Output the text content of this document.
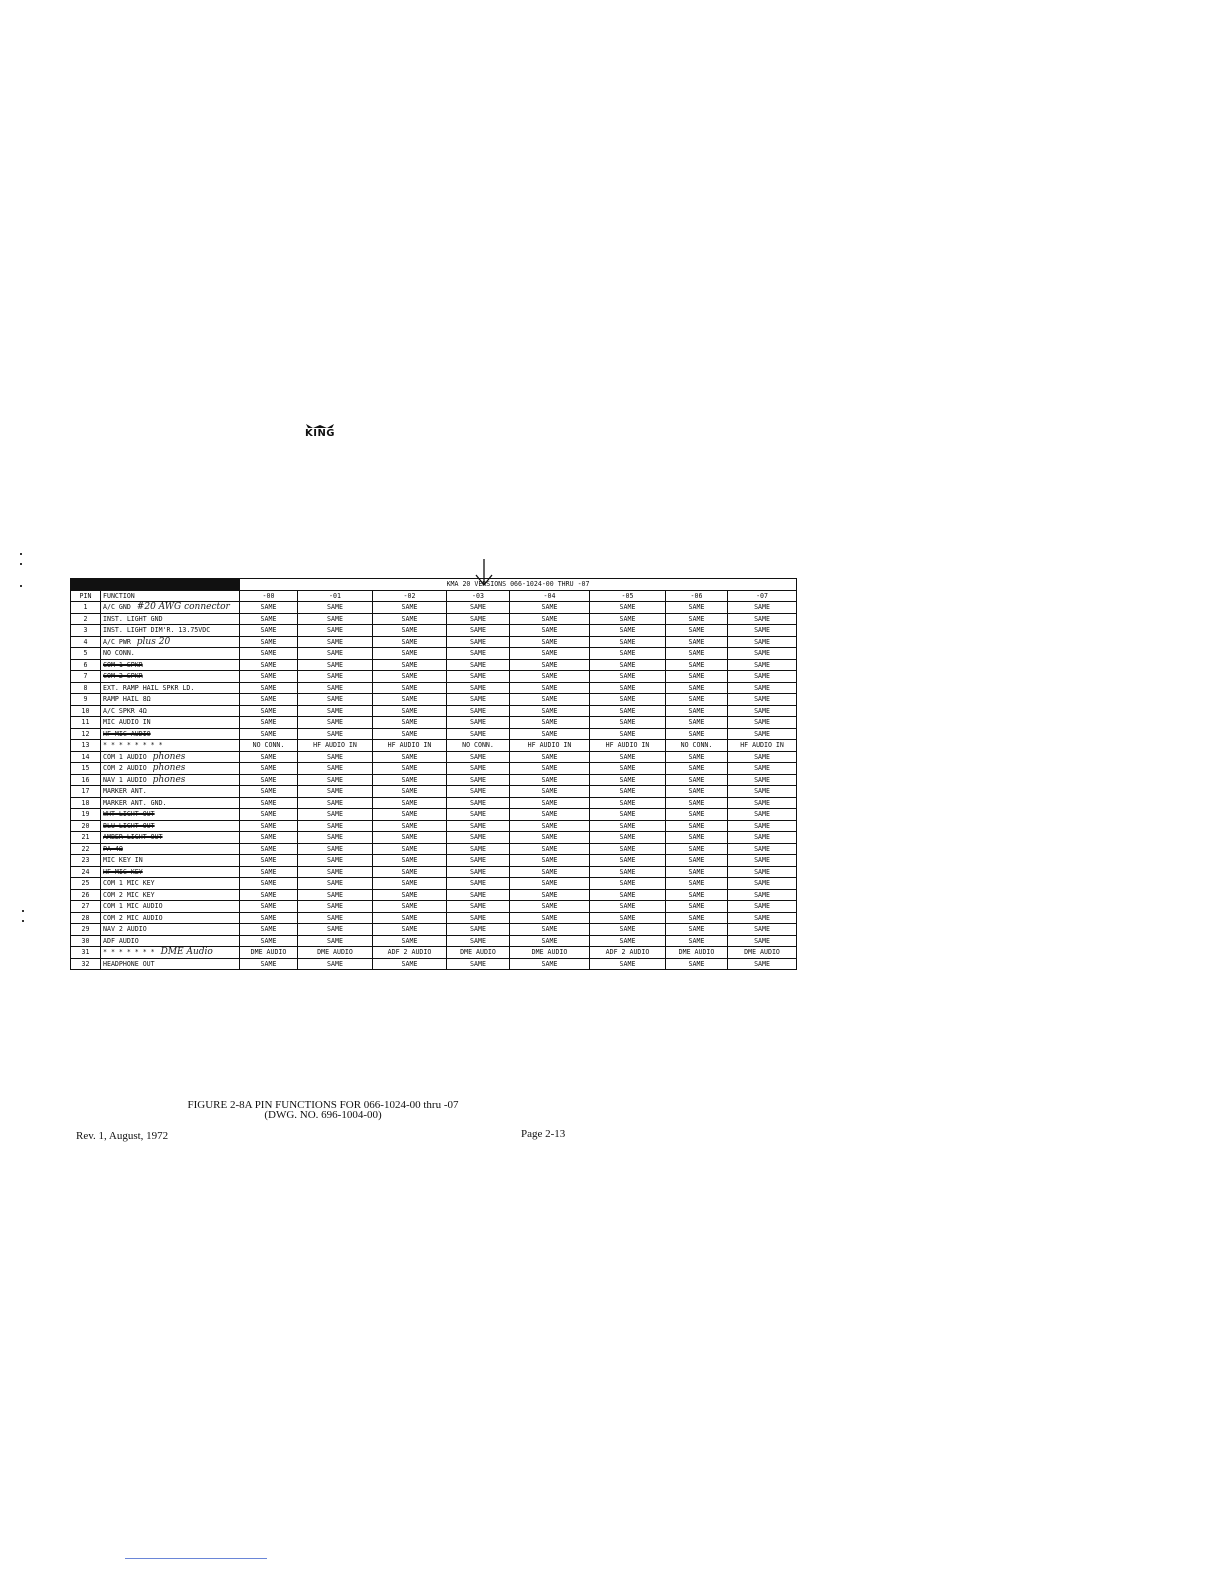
KING
		KMA 20 VERSIONS 066-1024-00 THRU -07							
PIN	FUNCTION	-00	-01	-02	-03	-04	-05	-06	-07
1	A/C GND #20 AWG connector	SAME	SAME	SAME	SAME	SAME	SAME	SAME	SAME
2	INST. LIGHT GND	SAME	SAME	SAME	SAME	SAME	SAME	SAME	SAME
3	INST. LIGHT DIM'R. 13.75VDC	SAME	SAME	SAME	SAME	SAME	SAME	SAME	SAME
4	A/C PWR plus 20	SAME	SAME	SAME	SAME	SAME	SAME	SAME	SAME
5	NO CONN.	SAME	SAME	SAME	SAME	SAME	SAME	SAME	SAME
6	COM 1 SPKR	SAME	SAME	SAME	SAME	SAME	SAME	SAME	SAME
7	COM 2 SPKR	SAME	SAME	SAME	SAME	SAME	SAME	SAME	SAME
8	EXT. RAMP HAIL SPKR LD.	SAME	SAME	SAME	SAME	SAME	SAME	SAME	SAME
9	RAMP HAIL 8Ω	SAME	SAME	SAME	SAME	SAME	SAME	SAME	SAME
10	A/C SPKR 4Ω	SAME	SAME	SAME	SAME	SAME	SAME	SAME	SAME
11	MIC AUDIO IN	SAME	SAME	SAME	SAME	SAME	SAME	SAME	SAME
12	HF MIC AUDIO	SAME	SAME	SAME	SAME	SAME	SAME	SAME	SAME
13	* * * * * * * *	NO CONN.	HF AUDIO IN	HF AUDIO IN	NO CONN.	HF AUDIO IN	HF AUDIO IN	NO CONN.	HF AUDIO IN
14	COM 1 AUDIO phones	SAME	SAME	SAME	SAME	SAME	SAME	SAME	SAME
15	COM 2 AUDIO phones	SAME	SAME	SAME	SAME	SAME	SAME	SAME	SAME
16	NAV 1 AUDIO phones	SAME	SAME	SAME	SAME	SAME	SAME	SAME	SAME
17	MARKER ANT.	SAME	SAME	SAME	SAME	SAME	SAME	SAME	SAME
18	MARKER ANT. GND.	SAME	SAME	SAME	SAME	SAME	SAME	SAME	SAME
19	WHT LIGHT OUT	SAME	SAME	SAME	SAME	SAME	SAME	SAME	SAME
20	BLU LIGHT OUT	SAME	SAME	SAME	SAME	SAME	SAME	SAME	SAME
21	AMBER LIGHT OUT	SAME	SAME	SAME	SAME	SAME	SAME	SAME	SAME
22	PA 4Ω	SAME	SAME	SAME	SAME	SAME	SAME	SAME	SAME
23	MIC KEY IN	SAME	SAME	SAME	SAME	SAME	SAME	SAME	SAME
24	HF MIC KEY	SAME	SAME	SAME	SAME	SAME	SAME	SAME	SAME
25	COM 1 MIC KEY	SAME	SAME	SAME	SAME	SAME	SAME	SAME	SAME
26	COM 2 MIC KEY	SAME	SAME	SAME	SAME	SAME	SAME	SAME	SAME
27	COM 1 MIC AUDIO	SAME	SAME	SAME	SAME	SAME	SAME	SAME	SAME
28	COM 2 MIC AUDIO	SAME	SAME	SAME	SAME	SAME	SAME	SAME	SAME
29	NAV 2 AUDIO	SAME	SAME	SAME	SAME	SAME	SAME	SAME	SAME
30	ADF AUDIO	SAME	SAME	SAME	SAME	SAME	SAME	SAME	SAME
31	* * * * * * * DME Audio	DME AUDIO	DME AUDIO	ADF 2 AUDIO	DME AUDIO	DME AUDIO	ADF 2 AUDIO	DME AUDIO	DME AUDIO
32	HEADPHONE OUT	SAME	SAME	SAME	SAME	SAME	SAME	SAME	SAME
FIGURE 2-8A PIN FUNCTIONS FOR 066-1024-00 thru -07
(DWG. NO. 696-1004-00)
Rev. 1, August, 1972	Page 2-13
